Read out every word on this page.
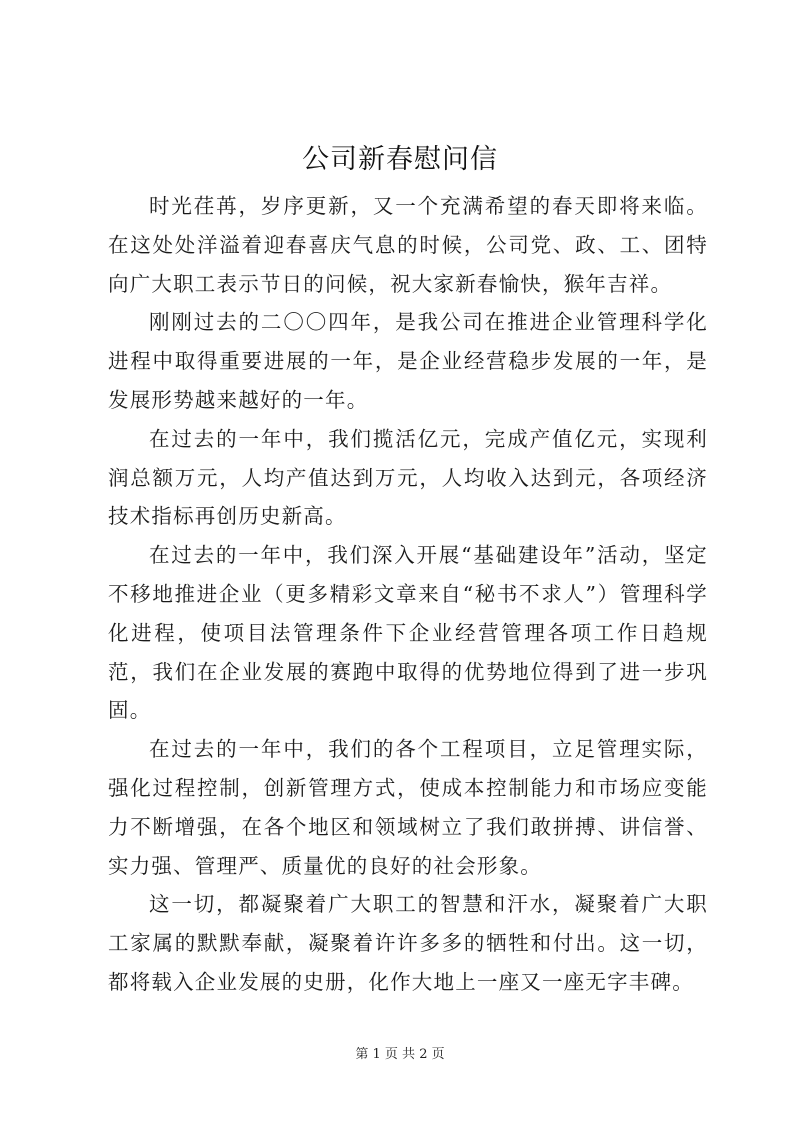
公司新春慰问信

时光荏苒，岁序更新，又一个充满希望的春天即将来临。在这处处洋溢着迎春喜庆气息的时候，公司党、政、工、团特向广大职工表示节日的问候，祝大家新春愉快，猴年吉祥。

刚刚过去的二〇〇四年，是我公司在推进企业管理科学化进程中取得重要进展的一年，是企业经营稳步发展的一年，是发展形势越来越好的一年。

在过去的一年中，我们揽活亿元，完成产值亿元，实现利润总额万元，人均产值达到万元，人均收入达到元，各项经济技术指标再创历史新高。

在过去的一年中，我们深入开展“基础建设年”活动，坚定不移地推进企业（更多精彩文章来自“秘书不求人”）管理科学化进程，使项目法管理条件下企业经营管理各项工作日趋规范，我们在企业发展的赛跑中取得的优势地位得到了进一步巩固。

在过去的一年中，我们的各个工程项目，立足管理实际，强化过程控制，创新管理方式，使成本控制能力和市场应变能力不断增强，在各个地区和领域树立了我们敢拼搏、讲信誉、实力强、管理严、质量优的良好的社会形象。

这一切，都凝聚着广大职工的智慧和汗水，凝聚着广大职工家属的默默奉献，凝聚着许许多多的牺牲和付出。这一切，都将载入企业发展的史册，化作大地上一座又一座无字丰碑。

第 1 页 共 2 页
